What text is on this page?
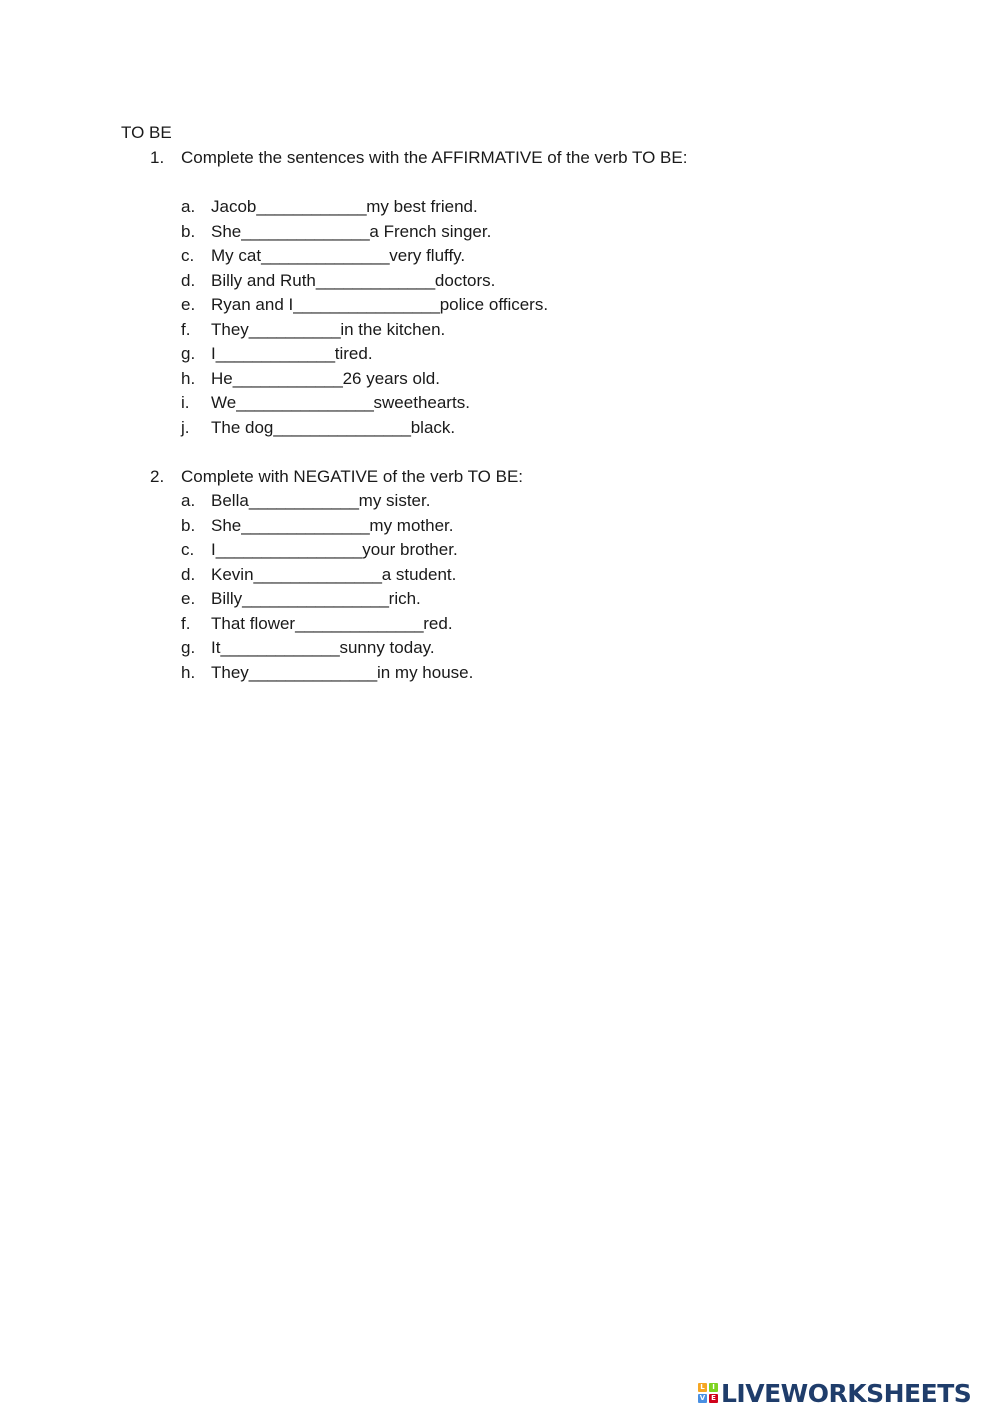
TO BE
1. Complete the sentences with the AFFIRMATIVE of the verb TO BE:
a. Jacob____________my best friend.
b. She______________a French singer.
c. My cat______________very fluffy.
d. Billy and Ruth_____________doctors.
e. Ryan and I________________police officers.
f. They__________in the kitchen.
g. I_____________tired.
h. He____________26 years old.
i. We_______________sweethearts.
j. The dog_______________black.
2. Complete with NEGATIVE of the verb TO BE:
a. Bella____________my sister.
b. She______________my mother.
c. I________________your brother.
d. Kevin______________a student.
e. Billy________________rich.
f. That flower______________red.
g. It_____________sunny today.
h. They______________in my house.
L	I
V E LIVEWORKSHEETS
